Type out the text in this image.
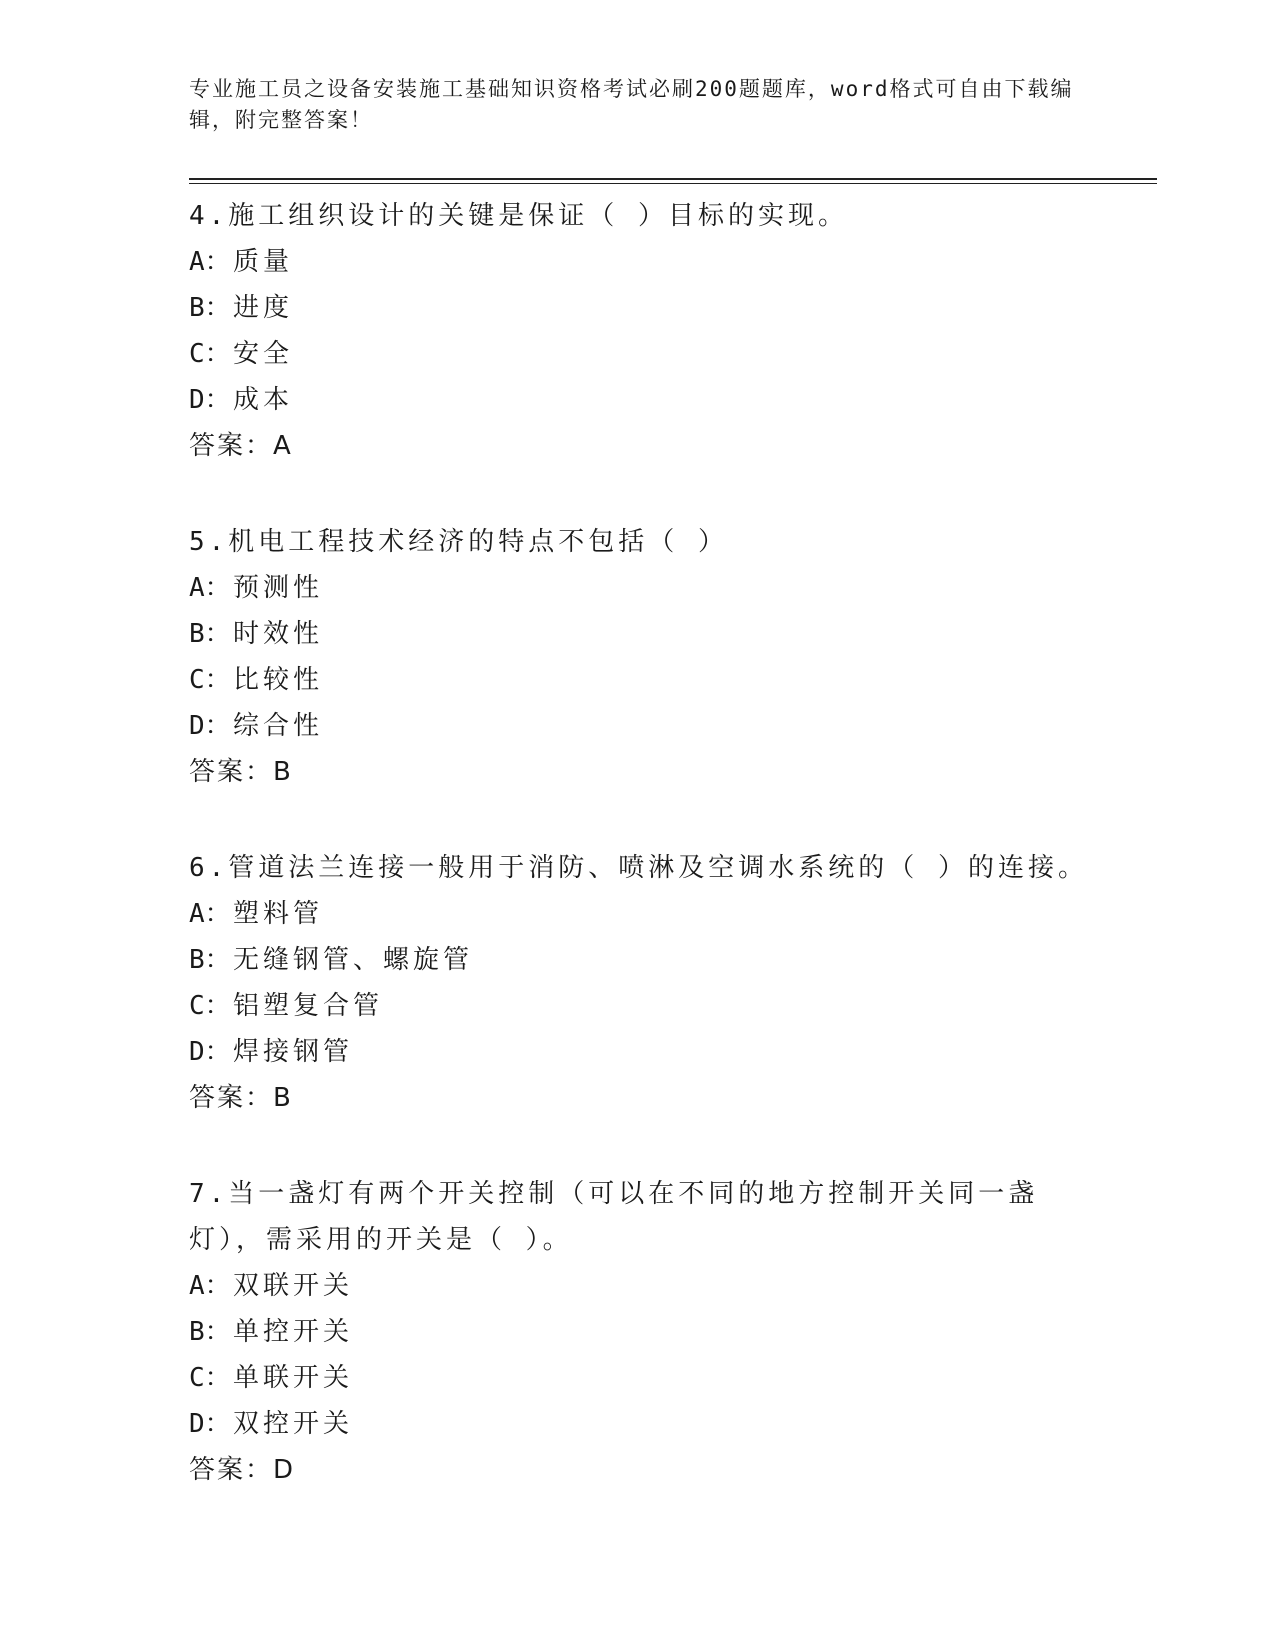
专业施工员之设备安装施工基础知识资格考试必刷200题题库，word格式可自由下载编辑，附完整答案！

4.施工组织设计的关键是保证（ ）目标的实现。

A： 质量
B： 进度
C： 安全
D： 成本
答案：A

5.机电工程技术经济的特点不包括（ ）

A： 预测性
B： 时效性
C： 比较性
D： 综合性
答案：B

6.管道法兰连接一般用于消防、喷淋及空调水系统的（ ）的连接。

A： 塑料管
B： 无缝钢管、螺旋管
C： 铝塑复合管
D： 焊接钢管
答案：B

7.当一盏灯有两个开关控制（可以在不同的地方控制开关同一盏灯），需采用的开关是（ ）。

A： 双联开关
B： 单控开关
C： 单联开关
D： 双控开关
答案：D
